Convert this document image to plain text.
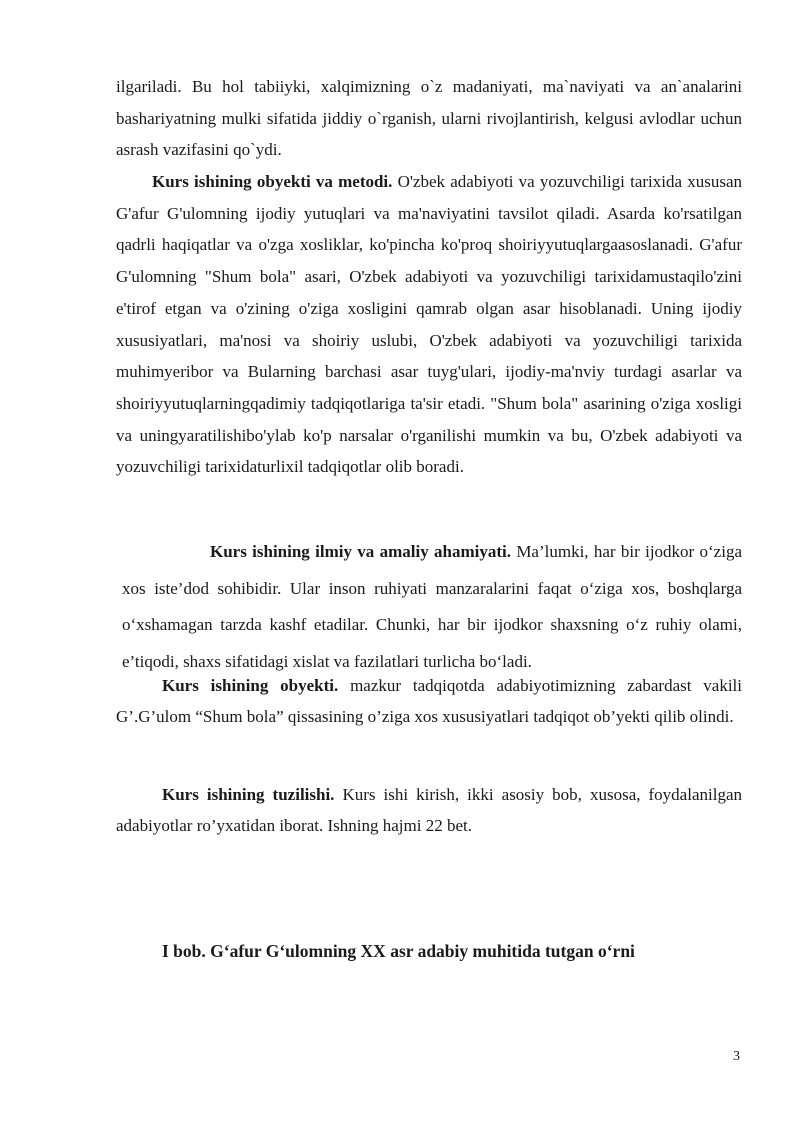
ilgariladi. Bu hol tabiiyki, xalqimizning o`z madaniyati, ma`naviyati va an`analarini bashariyatning mulki sifatida jiddiy o`rganish, ularni rivojlantirish, kelgusi avlodlar uchun asrash vazifasini qo`ydi.

Kurs ishining obyekti va metodi. O'zbek adabiyoti va yozuvchiligi tarixida xususan G'afur G'ulomning ijodiy yutuqlari va ma'naviyatini tavsilot qiladi. Asarda ko'rsatilgan qadrli haqiqatlar va o'zga xosliklar, ko'pincha ko'proq shoiriyyutuqlargaasoslanadi. G'afur G'ulomning "Shum bola" asari, O'zbek adabiyoti va yozuvchiligi tarixidamustaqilo'zini e'tirof etgan va o'zining o'ziga xosligini qamrab olgan asar hisoblanadi. Uning ijodiy xususiyatlari, ma'nosi va shoiriy uslubi, O'zbek adabiyoti va yozuvchiligi tarixida muhimyeribor va Bularning barchasi asar tuyg'ulari, ijodiy-ma'nviy turdagi asarlar va shoiriyyutuqlarningqadimiy tadqiqotlariga ta'sir etadi. "Shum bola" asarining o'ziga xosligi va uningyaratilishibo'ylab ko'p narsalar o'rganilishi mumkin va bu, O'zbek adabiyoti va yozuvchiligi tarixidaturlixil tadqiqotlar olib boradi.

Kurs ishining ilmiy va amaliy ahamiyati. Ma’lumki, har bir ijodkor o‘ziga xos iste’dod sohibidir. Ular inson ruhiyati manzaralarini faqat o‘ziga xos, boshqlarga o‘xshamagan tarzda kashf etadilar. Chunki, har bir ijodkor shaxsning o‘z ruhiy olami, e’tiqodi, shaxs sifatidagi xislat va fazilatlari turlicha bo‘ladi.

Kurs ishining obyekti. mazkur tadqiqotda adabiyotimizning zabardast vakili G’.G’ulom “Shum bola” qissasining o’ziga xos xususiyatlari tadqiqot ob’yekti qilib olindi.

Kurs ishining tuzilishi. Kurs ishi kirish, ikki asosiy bob, xusosa, foydalanilgan adabiyotlar ro’yxatidan iborat. Ishning hajmi 22 bet.

I bob. G‘afur G‘ulomning XX asr adabiy muhitida tutgan o‘rni

3
